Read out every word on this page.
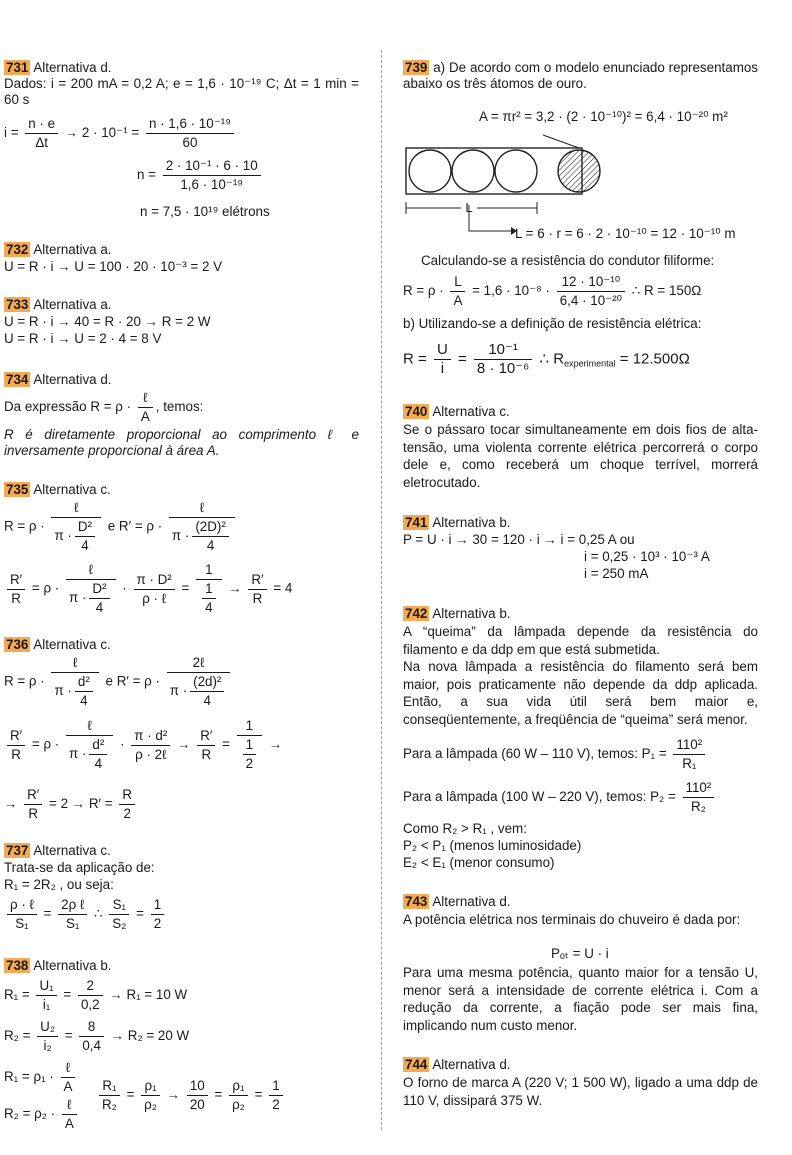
731 Alternativa d.
Dados: i = 200 mA = 0,2 A; e = 1,6 · 10⁻¹⁹ C; Δt = 1 min = 60 s
$i = \frac{n \cdot e}{\Delta t} \to 2 \cdot 10^{-1} = \frac{\text{n · 1,6 · 10⁻¹⁹}}{60}$
$n = \frac{\text{2 · 10⁻¹ · 6 · 10}}{\text{1,6 · 10⁻¹⁹}}$
n = 7,5 · 10¹⁹ elétrons
732 Alternativa a.
U = R · i → U = 100 · 20 · 10⁻³ = 2 V
733 Alternativa a.
U = R · i → 40 = R · 20 → R = 2 W
U = R · i → U = 2 · 4 = 8 V
734 Alternativa d.
Da expressão $R = \rho \cdot \frac{\text{ℓ}}{A}$ , temos:
R é diretamente proporcional ao comprimento ℓ e inversamente proporcional à área A.
735 Alternativa c.
$R = \rho \cdot \frac{\text{ℓ}}{\pi \cdot \frac{\text{D²}}{4}}$ e $R' = \rho \cdot \frac{\text{ℓ}}{\pi \cdot \frac{\text{(2D)²}}{4}}$
$\frac{R'}{R} = \rho \cdot \frac{\text{ℓ}}{\pi \cdot \frac{\text{D²}}{4}} \cdot \frac{\text{π · D²}}{\text{ρ · ℓ}} = \frac{1}{\frac{1}{4}} \to \frac{R'}{R} = 4$
736 Alternativa c.
$R = \rho \cdot \frac{\text{ℓ}}{\pi \cdot \frac{\text{d²}}{4}}$ e $R' = \rho \cdot \frac{\text{2ℓ}}{\pi \cdot \frac{\text{(2d)²}}{4}}$
$\frac{R'}{R} = \rho \cdot \frac{\text{ℓ}}{\pi \cdot \frac{\text{d²}}{4}} \cdot \frac{\text{π · d²}}{\text{ρ · 2ℓ}} \to \frac{R'}{R} = \frac{1}{\frac{1}{2}}$ →
→ $\frac{R'}{R} = 2 \to R' = \frac{R}{2}$
737 Alternativa c.
Trata-se da aplicação de:
R₁ = 2R₂ , ou seja:
$\frac{\text{ρ · ℓ}}{\text{S₁}} = \frac{\text{2ρ ℓ}}{\text{S₁}}$ ∴ $\frac{\text{S₁}}{\text{S₂}} = \frac{1}{2}$
738 Alternativa b.
$R_1 = \frac{\text{U₁}}{\text{i₁}} = \frac{2}{0,2} \to R_1 = 10$ W
$R_2 = \frac{\text{U₂}}{\text{i₂}} = \frac{8}{0,4} \to R_2 = 20$ W
$R_1 = \rho_1 \cdot \frac{\text{ℓ}}{A}$
$R_2 = \rho_2 \cdot \frac{\text{ℓ}}{A}$
$\frac{\text{R₁}}{\text{R₂}} = \frac{\text{ρ₁}}{\text{ρ₂}} \to \frac{10}{20} = \frac{\text{ρ₁}}{\text{ρ₂}} = \frac{1}{2}$
739 a) De acordo com o modelo enunciado representamos abaixo os três átomos de ouro.
A = πr² = 3,2 · (2 · 10⁻¹⁰)² = 6,4 · 10⁻²⁰ m²
L
L = 6 · r = 6 · 2 · 10⁻¹⁰ = 12 · 10⁻¹⁰ m
Calculando-se a resistência do condutor filiforme:
$R = \rho \cdot \frac{L}{A} = 1,6 \cdot 10^{-8} \cdot \frac{\text{12 · 10⁻¹⁰}}{\text{6,4 · 10⁻²⁰}}$ ∴ R = 150Ω
b) Utilizando-se a definição de resistência elétrica:
$R = \frac{U}{i} = \frac{\text{10⁻¹}}{\text{8 · 10⁻⁶}}$ ∴ $R_{experimental} = 12.500\Omega$
740 Alternativa c.
Se o pássaro tocar simultaneamente em dois fios de alta-tensão, uma violenta corrente elétrica percorrerá o corpo dele e, como receberá um choque terrível, morrerá eletrocutado.
741 Alternativa b.
P = U · i → 30 = 120 · i → i = 0,25 A ou
i = 0,25 · 10³ · 10⁻³ A
i = 250 mA
742 Alternativa b.
A “queima” da lâmpada depende da resistência do filamento e da ddp em que está submetida.
Na nova lâmpada a resistência do filamento será bem maior, pois praticamente não depende da ddp aplicada. Então, a sua vida útil será bem maior e, conseqüentemente, a freqüência de “queima” será menor.
Para a lâmpada (60 W – 110 V), temos: $P_1 = \frac{\text{110²}}{\text{R₁}}$
Para a lâmpada (100 W – 220 V), temos: $P_2 = \frac{\text{110²}}{\text{R₂}}$
Como R₂ > R₁ , vem:
P₂ < P₁ (menos luminosidade)
E₂ < E₁ (menor consumo)
743 Alternativa d.
A potência elétrica nos terminais do chuveiro é dada por:
Pₒₜ = U · i
Para uma mesma potência, quanto maior for a tensão U, menor será a intensidade de corrente elétrica i. Com a redução da corrente, a fiação pode ser mais fina, implicando num custo menor.
744 Alternativa d.
O forno de marca A (220 V; 1 500 W), ligado a uma ddp de 110 V, dissipará 375 W.
